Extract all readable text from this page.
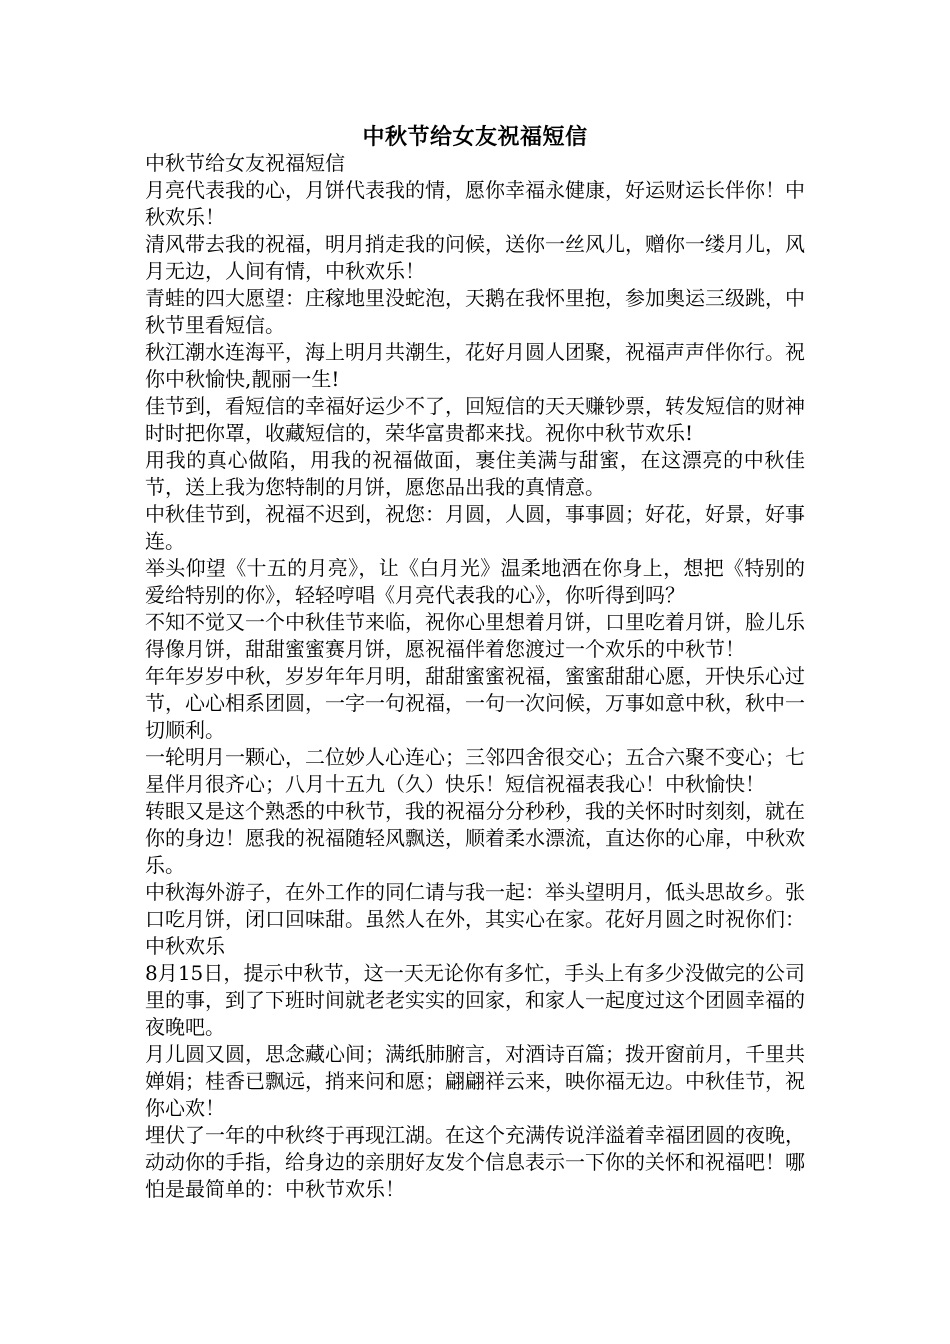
中秋节给女友祝福短信

中秋节给女友祝福短信

月亮代表我的心，月饼代表我的情，愿你幸福永健康，好运财运长伴你！中秋欢乐！

清风带去我的祝福，明月捎走我的问候，送你一丝风儿，赠你一缕月儿，风月无边，人间有情，中秋欢乐！

青蛙的四大愿望：庄稼地里没蛇泡，天鹅在我怀里抱，参加奥运三级跳，中秋节里看短信。

秋江潮水连海平，海上明月共潮生，花好月圆人团聚，祝福声声伴你行。祝你中秋愉快,靓丽一生!

佳节到，看短信的幸福好运少不了，回短信的天天赚钞票，转发短信的财神时时把你罩，收藏短信的，荣华富贵都来找。祝你中秋节欢乐!

用我的真心做陷，用我的祝福做面，裹住美满与甜蜜，在这漂亮的中秋佳节，送上我为您特制的月饼，愿您品出我的真情意。

中秋佳节到，祝福不迟到，祝您：月圆，人圆，事事圆；好花，好景，好事连。

举头仰望《十五的月亮》，让《白月光》温柔地洒在你身上，想把《特别的爱给特别的你》，轻轻哼唱《月亮代表我的心》，你听得到吗？

不知不觉又一个中秋佳节来临，祝你心里想着月饼，口里吃着月饼，脸儿乐得像月饼，甜甜蜜蜜赛月饼，愿祝福伴着您渡过一个欢乐的中秋节！

年年岁岁中秋，岁岁年年月明，甜甜蜜蜜祝福，蜜蜜甜甜心愿，开快乐心过节，心心相系团圆，一字一句祝福，一句一次问候，万事如意中秋，秋中一切顺利。

一轮明月一颗心，二位妙人心连心；三邻四舍很交心；五合六聚不变心；七星伴月很齐心；八月十五九（久）快乐！短信祝福表我心！中秋愉快！

转眼又是这个熟悉的中秋节，我的祝福分分秒秒，我的关怀时时刻刻，就在你的身边！愿我的祝福随轻风飘送，顺着柔水漂流，直达你的心扉，中秋欢乐。

中秋海外游子，在外工作的同仁请与我一起：举头望明月，低头思故乡。张口吃月饼，闭口回味甜。虽然人在外，其实心在家。花好月圆之时祝你们：中秋欢乐

8月15日，提示中秋节，这一天无论你有多忙，手头上有多少没做完的公司里的事，到了下班时间就老老实实的回家，和家人一起度过这个团圆幸福的夜晚吧。

月儿圆又圆，思念藏心间；满纸肺腑言，对酒诗百篇；拨开窗前月，千里共婵娟；桂香已飘远，捎来问和愿；翩翩祥云来，映你福无边。中秋佳节，祝你心欢！

埋伏了一年的中秋终于再现江湖。在这个充满传说洋溢着幸福团圆的夜晚，动动你的手指，给身边的亲朋好友发个信息表示一下你的关怀和祝福吧！哪怕是最简单的：中秋节欢乐！
